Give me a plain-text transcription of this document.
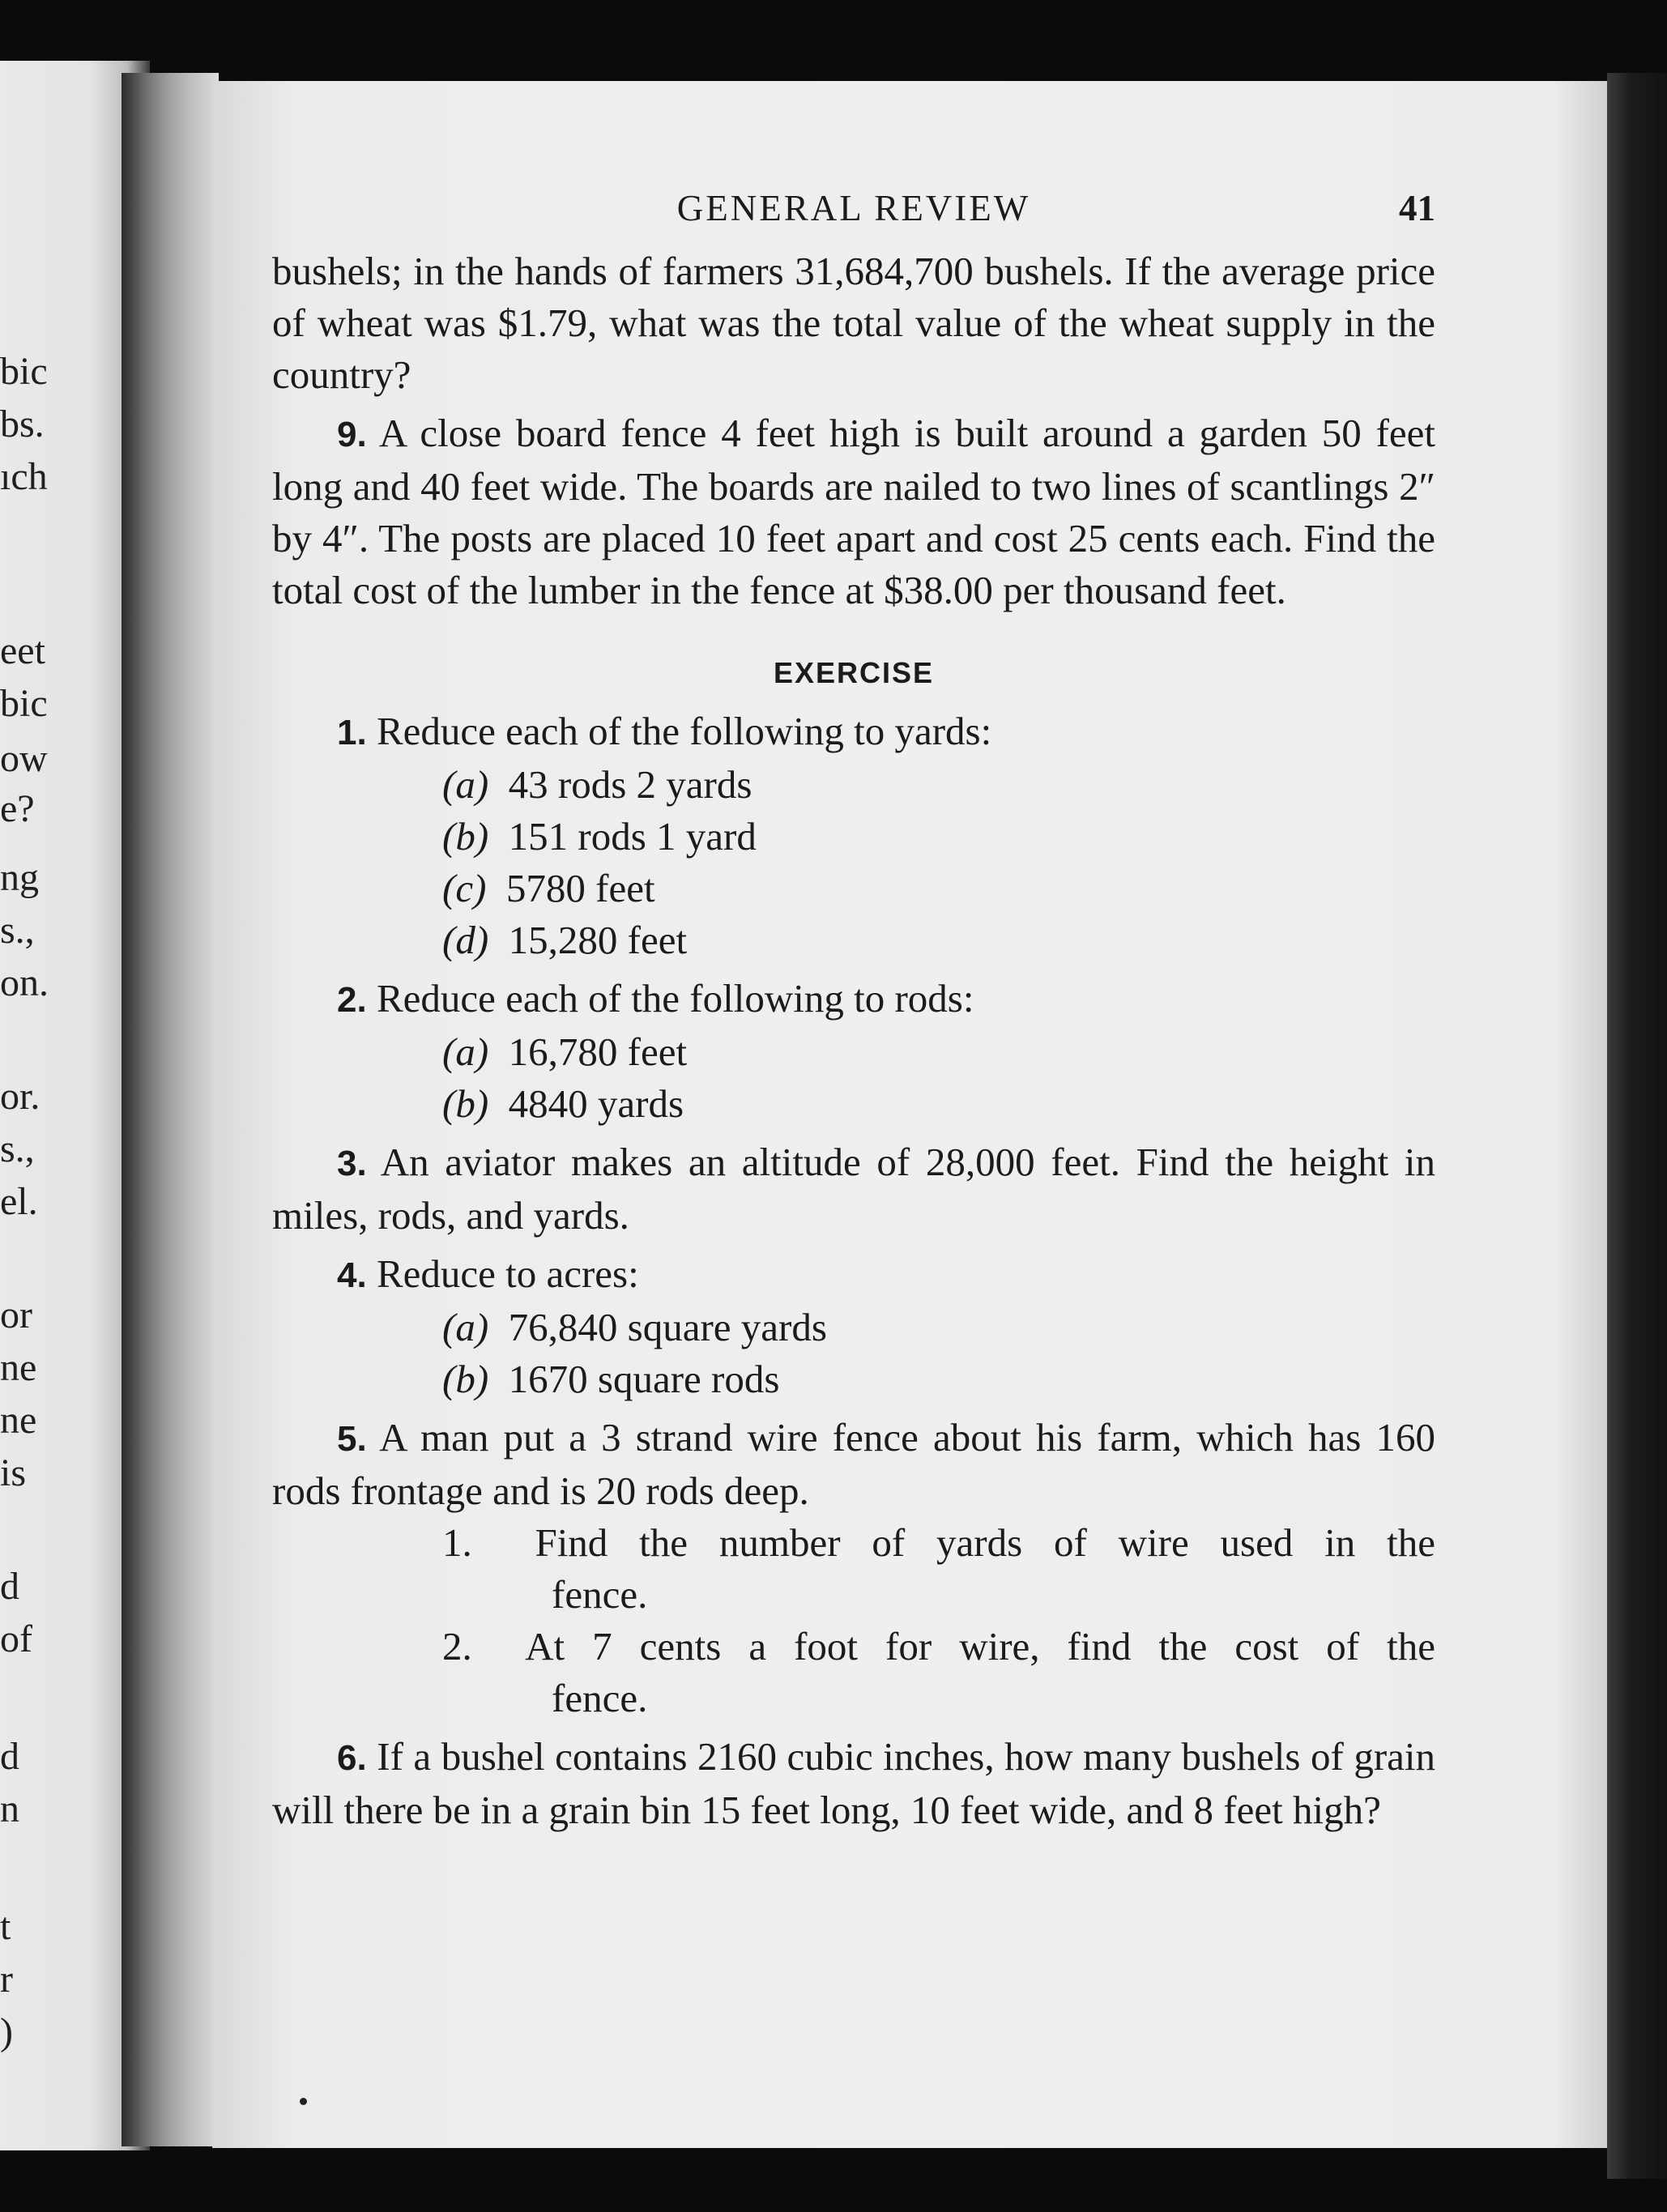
bic
bs.
ıch
eet
bic
ow
e?
ng
s.,
on.
or.
s.,
el.
or
ne
ne
is
d
of
d
n
t
r
)
GENERAL REVIEW	41

bushels; in the hands of farmers 31,684,700 bushels. If the average price of wheat was $1.79, what was the total value of the wheat supply in the country?

9. A close board fence 4 feet high is built around a garden 50 feet long and 40 feet wide. The boards are nailed to two lines of scantlings 2″ by 4″. The posts are placed 10 feet apart and cost 25 cents each. Find the total cost of the lumber in the fence at $38.00 per thousand feet.

EXERCISE

1. Reduce each of the following to yards:

(a) 43 rods 2 yards
(b) 151 rods 1 yard
(c) 5780 feet
(d) 15,280 feet

2. Reduce each of the following to rods:

(a) 16,780 feet
(b) 4840 yards

3. An aviator makes an altitude of 28,000 feet. Find the height in miles, rods, and yards.

4. Reduce to acres:

(a) 76,840 square yards
(b) 1670 square rods

5. A man put a 3 strand wire fence about his farm, which has 160 rods frontage and is 20 rods deep.

1. Find the number of yards of wire used in the
fence.
2. At 7 cents a foot for wire, find the cost of the
fence.

6. If a bushel contains 2160 cubic inches, how many bushels of grain will there be in a grain bin 15 feet long, 10 feet wide, and 8 feet high?
